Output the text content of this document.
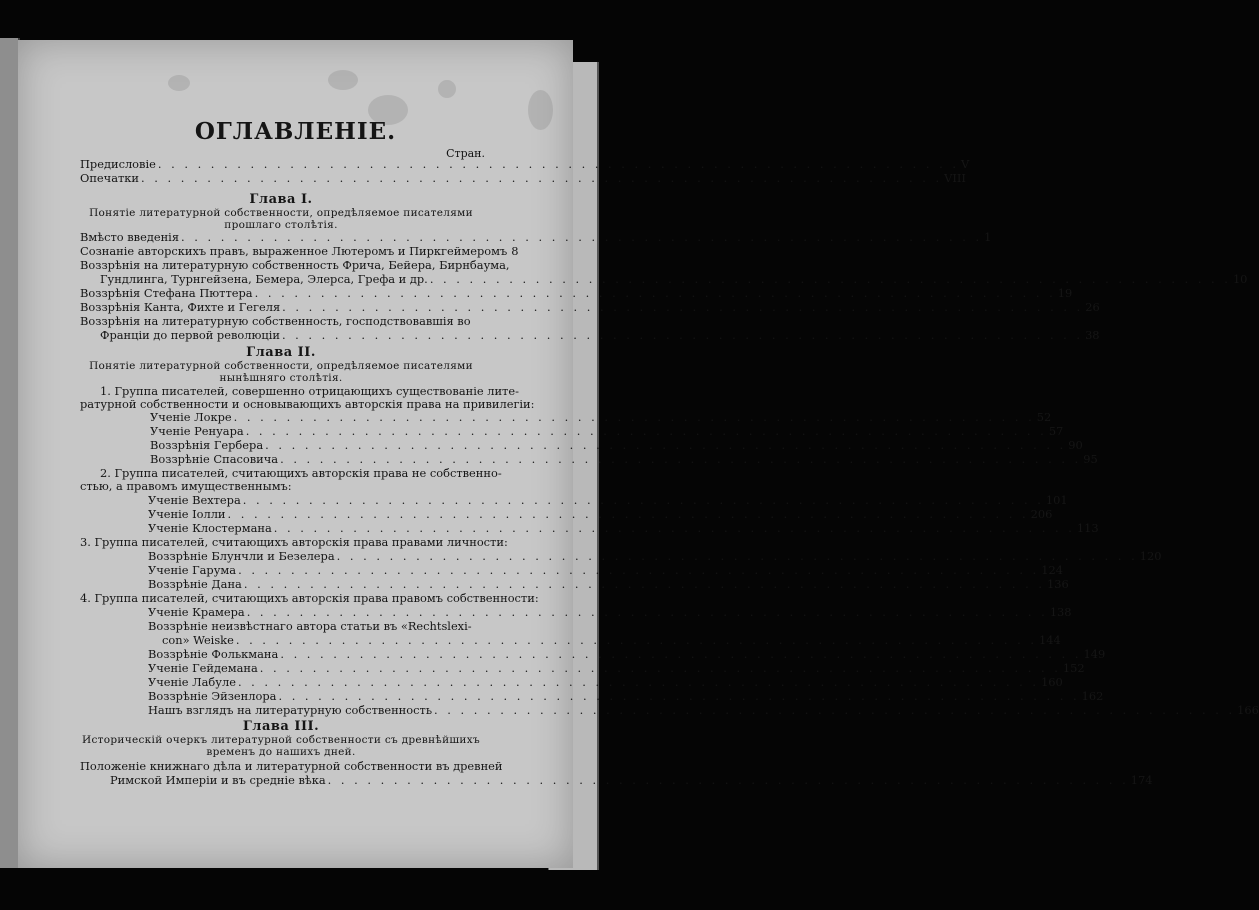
ОГЛАВЛЕНІЕ.
Стран.
Предисловіе . . .	V
Опечатки . . .	VIII
Глава I.
Понятіе литературной собственности, опредѣляемое писателями
прошлаго столѣтія.
Вмѣсто введенія . . .	1
Сознаніе авторскихъ правъ, выраженное Лютеромъ и Пиркгеймеромъ 8
Воззрѣнія на литературную собственность Фрича, Бейера, Бирнбаума,
Гундлинга, Турнгейзена, Бемера, Элерса, Грефа и др. . . .	10
Воззрѣнія Стефана Пюттера . . .	19
Воззрѣнія Канта, Фихте и Гегеля . . .	26
Воззрѣнія на литературную собственность, господствовавшія во
Франціи до первой революціи . . .	38
Глава II.
Понятіе литературной собственности, опредѣляемое писателями
нынѣшняго столѣтія.
1. Группа писателей, совершенно отрицающихъ существованіе лите-
ратурной собственности и основывающихъ авторскія права на привилегіи:
Ученіе Локре . . .	52
Ученіе Ренуара . . .	57
Воззрѣнія Гербера . . .	90
Воззрѣніе Спасовича . . .	95
2. Группа писателей, считающихъ авторскія права не собственно-
стью, а правомъ имущественнымъ:
Ученіе Вехтера . . .	101
Ученіе Іолли . . .	206
Ученіе Клостермана . . .	113
3. Группа писателей, считающихъ авторскія права правами личности:
Воззрѣніе Блунчли и Безелера . . .	120
Ученіе Гарума . . .	124
Воззрѣніе Дана . . .	136
4. Группа писателей, считающихъ авторскія права правомъ собственности:
Ученіе Крамера . . .	138
Воззрѣніе неизвѣстнаго автора статьи въ «Rechtslexi-
con» Weiske . . .	144
Воззрѣніе Фолькмана . . .	149
Ученіе Гейдемана . . .	152
Ученіе Лабуле . . .	160
Воззрѣніе Эйзенлора . . .	162
Нашъ взглядъ на литературную собственность . . .	166
Глава III.
Историческій очеркъ литературной собственности съ древнѣйшихъ
временъ до нашихъ дней.
Положеніе книжнаго дѣла и литературной собственности въ древней
Римской Имперіи и въ средніе вѣка . . .	174
